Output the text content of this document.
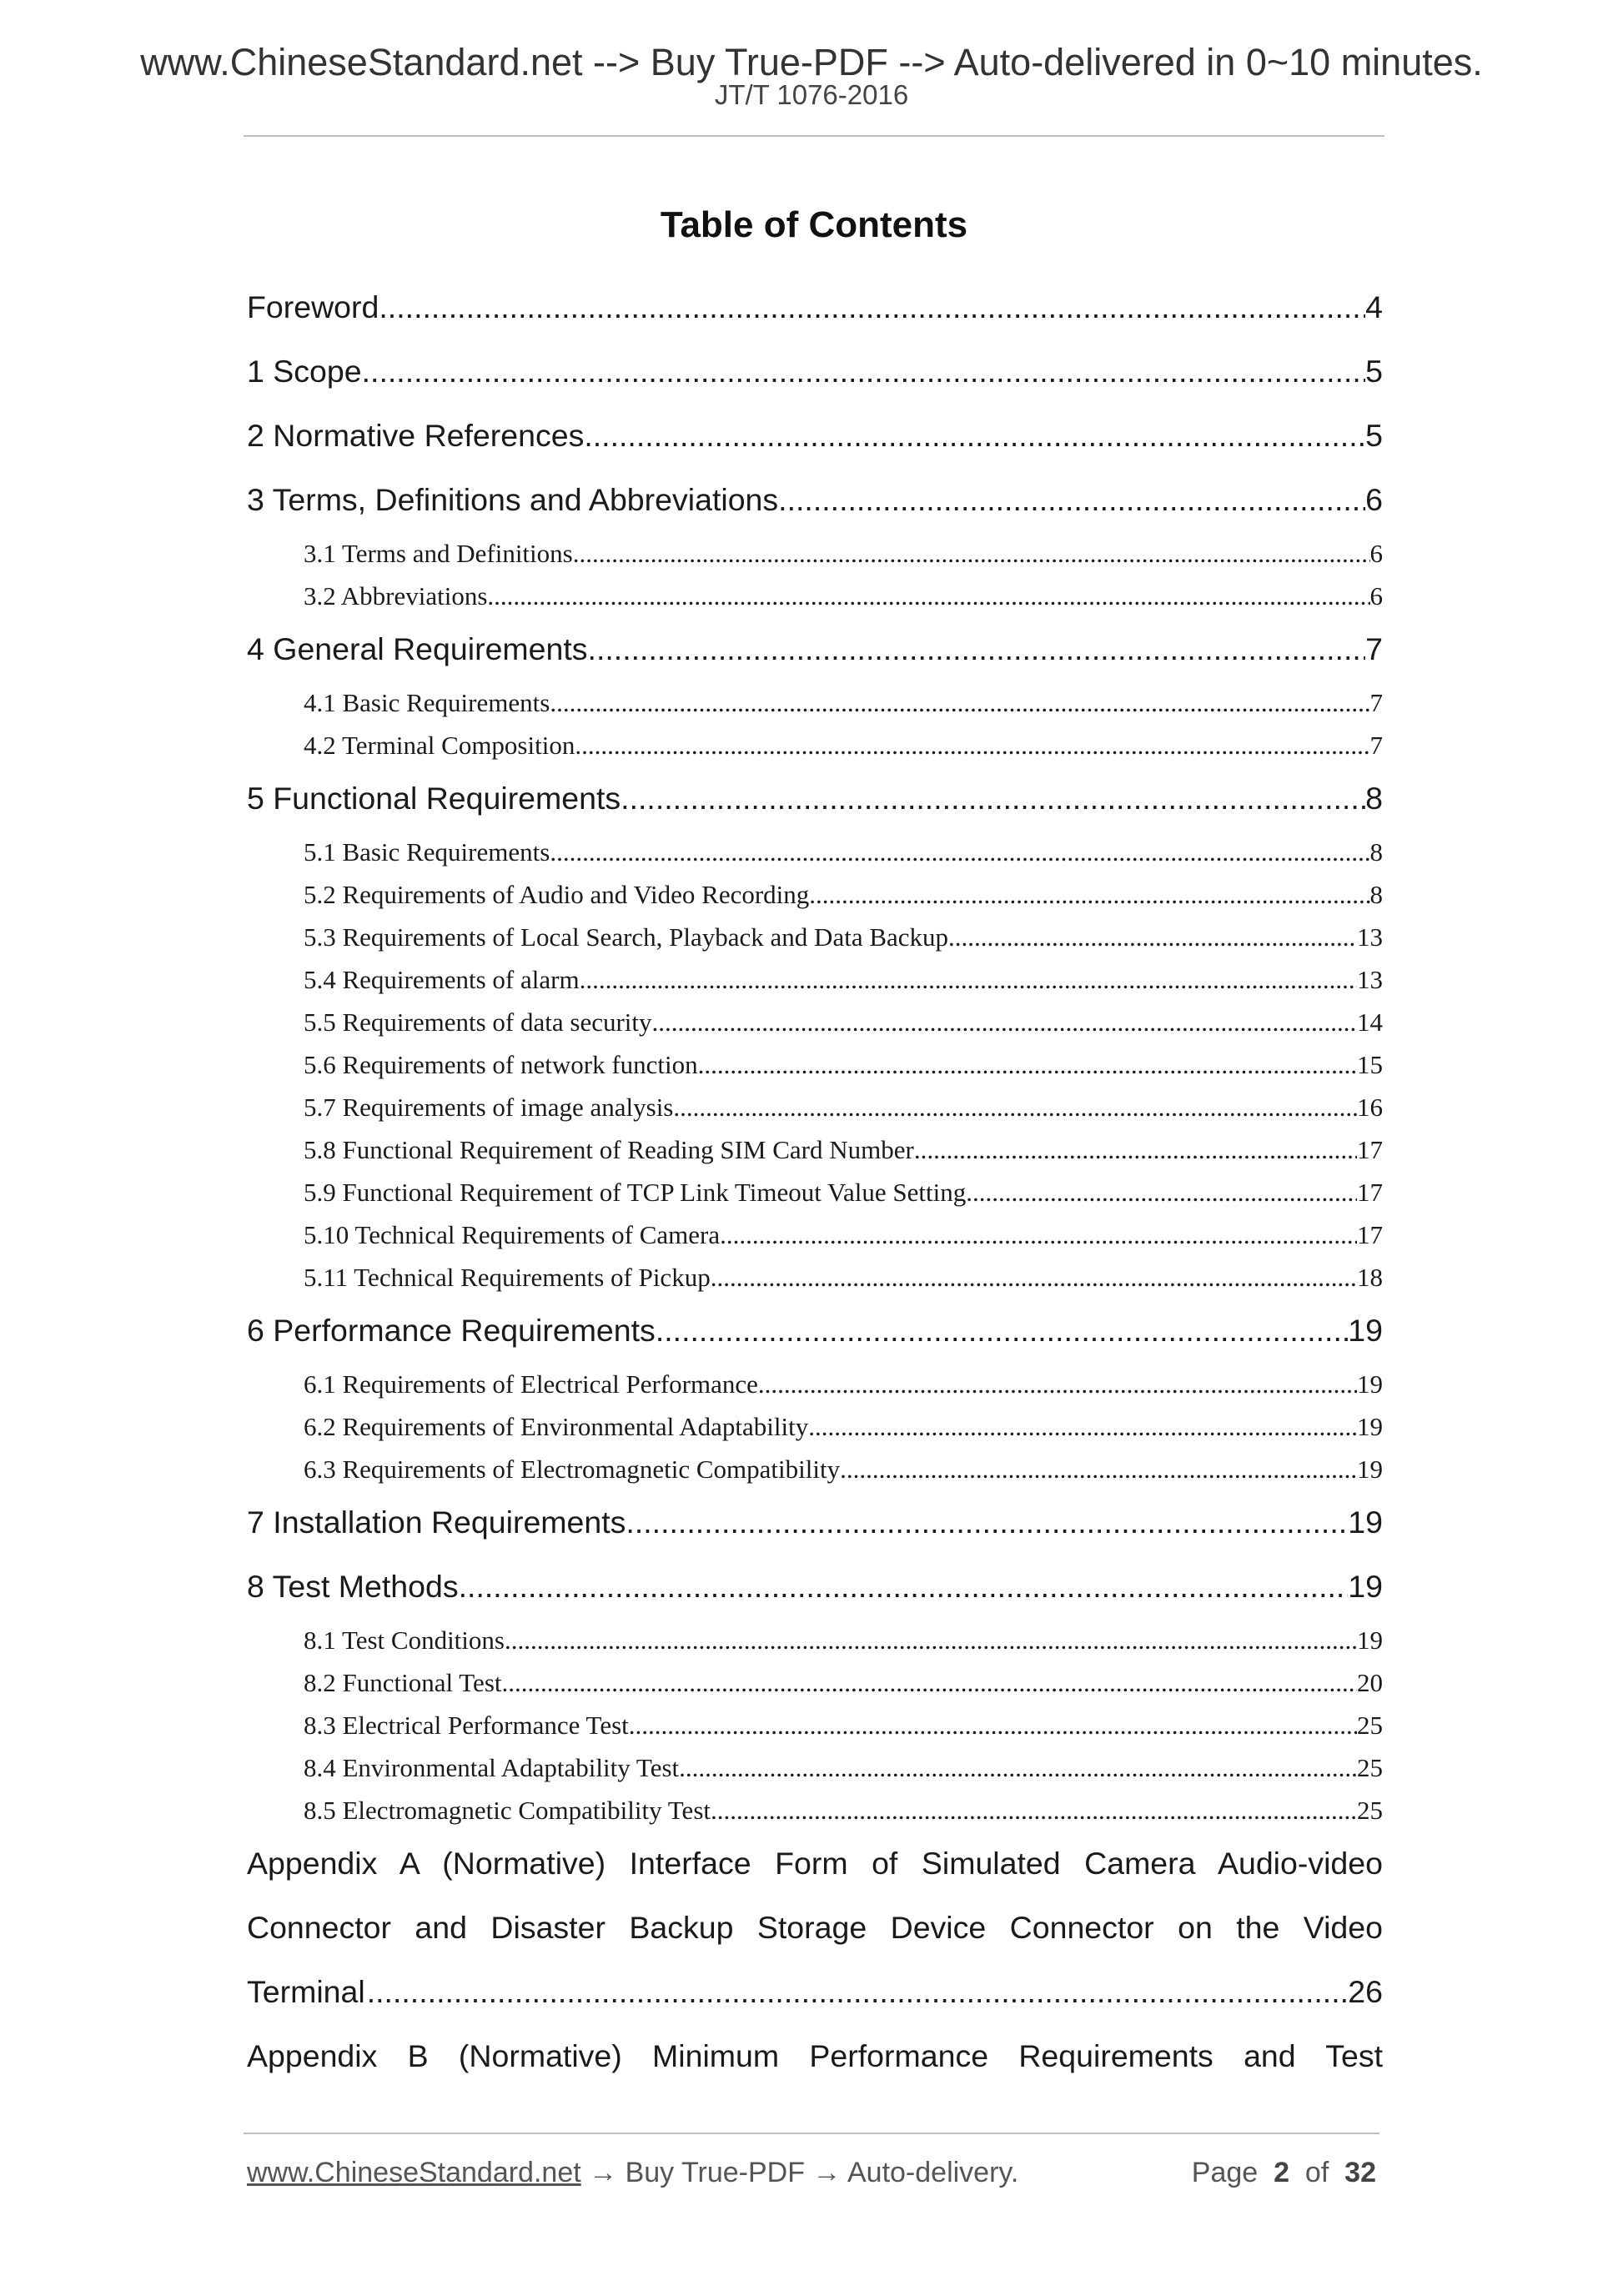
www.ChineseStandard.net --> Buy True-PDF --> Auto-delivered in 0~10 minutes.
JT/T 1076-2016
Table of Contents
Foreword .....	4
1 Scope .....	5
2 Normative References .....	5
3 Terms, Definitions and Abbreviations .....	6
3.1 Terms and Definitions .....	6
3.2 Abbreviations .....	6
4 General Requirements .....	7
4.1 Basic Requirements .....	7
4.2 Terminal Composition .....	7
5 Functional Requirements .....	8
5.1 Basic Requirements .....	8
5.2 Requirements of Audio and Video Recording .....	8
5.3 Requirements of Local Search, Playback and Data Backup .....	13
5.4 Requirements of alarm .....	13
5.5 Requirements of data security .....	14
5.6 Requirements of network function .....	15
5.7 Requirements of image analysis .....	16
5.8 Functional Requirement of Reading SIM Card Number .....	17
5.9 Functional Requirement of TCP Link Timeout Value Setting .....	17
5.10 Technical Requirements of Camera .....	17
5.11 Technical Requirements of Pickup .....	18
6 Performance Requirements .....	19
6.1 Requirements of Electrical Performance .....	19
6.2 Requirements of Environmental Adaptability .....	19
6.3 Requirements of Electromagnetic Compatibility .....	19
7 Installation Requirements .....	19
8 Test Methods .....	19
8.1 Test Conditions .....	19
8.2 Functional Test .....	20
8.3 Electrical Performance Test .....	25
8.4 Environmental Adaptability Test .....	25
8.5 Electromagnetic Compatibility Test .....	25
Appendix A (Normative) Interface Form of Simulated Camera Audio-video
Connector and Disaster Backup Storage Device Connector on the Video
Terminal .....	26
Appendix B (Normative) Minimum Performance Requirements and Test
www.ChineseStandard.net → Buy True-PDF → Auto-delivery.	Page 2 of 32
